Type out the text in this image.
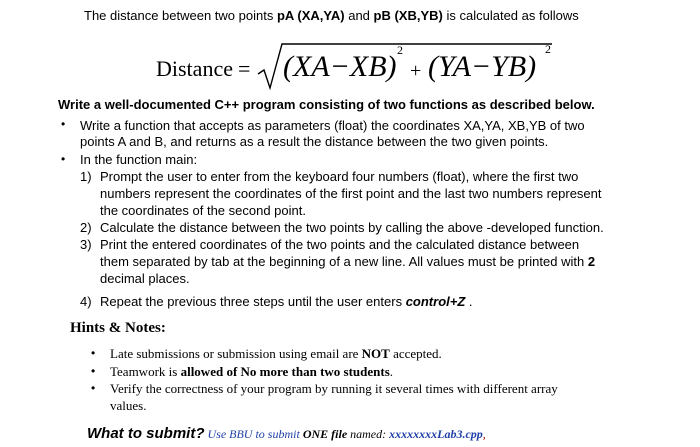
The distance between two points pA (XA,YA) and pB (XB,YB) is calculated as follows
Distance = (XA−XB) 2
+ (YA−YB)
2
Write a well-documented C++ program consisting of two functions as described below.
• Write a function that accepts as parameters (float) the coordinates XA,YA, XB,YB of two
points A and B, and returns as a result the distance between the two given points.
• In the function main:
1) Prompt the user to enter from the keyboard four numbers (float), where the first two
numbers represent the coordinates of the first point and the last two numbers represent
the coordinates of the second point.
2) Calculate the distance between the two points by calling the above -developed function.
3) Print the entered coordinates of the two points and the calculated distance between
them separated by tab at the beginning of a new line. All values must be printed with 2
decimal places.
4) Repeat the previous three steps until the user enters control+Z .
Hints & Notes:
• Late submissions or submission using email are NOT accepted.
• Teamwork is allowed of No more than two students.
• Verify the correctness of your program by running it several times with different array
values.
What to submit? Use BBU to submit ONE file named: xxxxxxxxLab3.cpp,
